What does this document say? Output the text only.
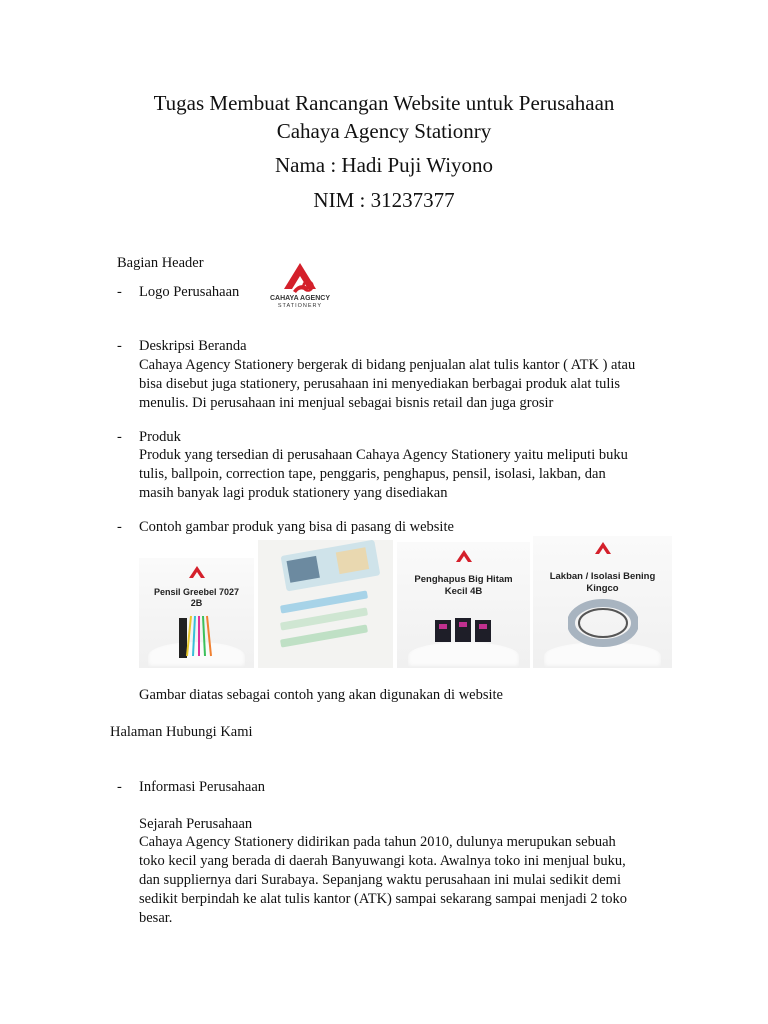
Tugas Membuat Rancangan Website untuk Perusahaan
Cahaya Agency Stationry
Nama : Hadi Puji Wiyono
NIM : 31237377
Bagian Header
-	Logo Perusahaan	CAHAYA AGENCY
STATIONERY
-	Deskripsi Beranda
Cahaya Agency Stationery bergerak di bidang penjualan alat tulis kantor ( ATK ) atau
bisa disebut juga stationery, perusahaan ini menyediakan berbagai produk alat tulis
menulis. Di perusahaan ini menjual sebagai bisnis retail dan juga grosir
-	Produk
Produk yang tersedian di perusahaan Cahaya Agency Stationery yaitu meliputi buku
tulis, ballpoin, correction tape, penggaris, penghapus, pensil, isolasi, lakban, dan
masih banyak lagi produk stationery yang disediakan
-	Contoh gambar produk yang bisa di pasang di website
Pensil Greebel 7027
2B
Penghapus Big Hitam
Kecil 4B
Lakban / Isolasi Bening
Kingco
Gambar diatas sebagai contoh yang akan digunakan di website
Halaman Hubungi Kami
-	Informasi Perusahaan
Sejarah Perusahaan
Cahaya Agency Stationery didirikan pada tahun 2010, dulunya merupukan sebuah
toko kecil yang berada di daerah Banyuwangi kota. Awalnya toko ini menjual buku,
dan suppliernya dari Surabaya. Sepanjang waktu perusahaan ini mulai sedikit demi
sedikit berpindah ke alat tulis kantor (ATK) sampai sekarang sampai menjadi 2 toko
besar.
